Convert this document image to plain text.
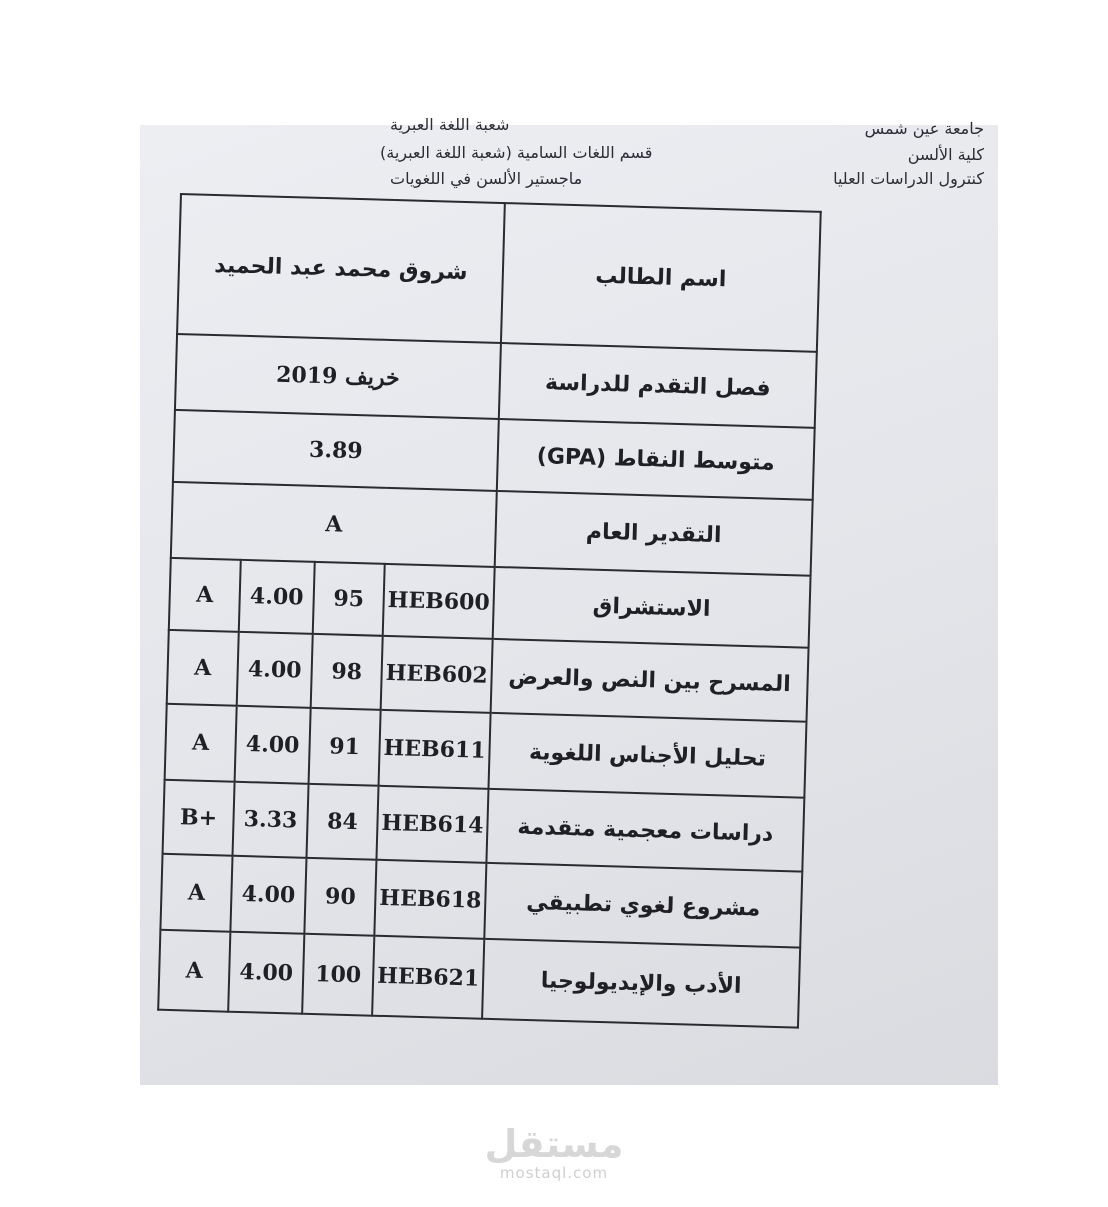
جامعة عين شمس
كلية الألسن
كنترول الدراسات العليا
شعبة اللغة العبرية
قسم اللغات السامية (شعبة اللغة العبرية)
ماجستير الألسن في اللغويات
شروق محمد عبد الحميد				اسم الطالب
خريف 2019				فصل التقدم للدراسة
3.89				متوسط النقاط (GPA)
A				التقدير العام
A	4.00	95	HEB600	الاستشراق
A	4.00	98	HEB602	المسرح بين النص والعرض
A	4.00	91	HEB611	تحليل الأجناس اللغوية
B+	3.33	84	HEB614	دراسات معجمية متقدمة
A	4.00	90	HEB618	مشروع لغوي تطبيقي
A	4.00	100	HEB621	الأدب والإيديولوجيا
مستقل
mostaql.com
